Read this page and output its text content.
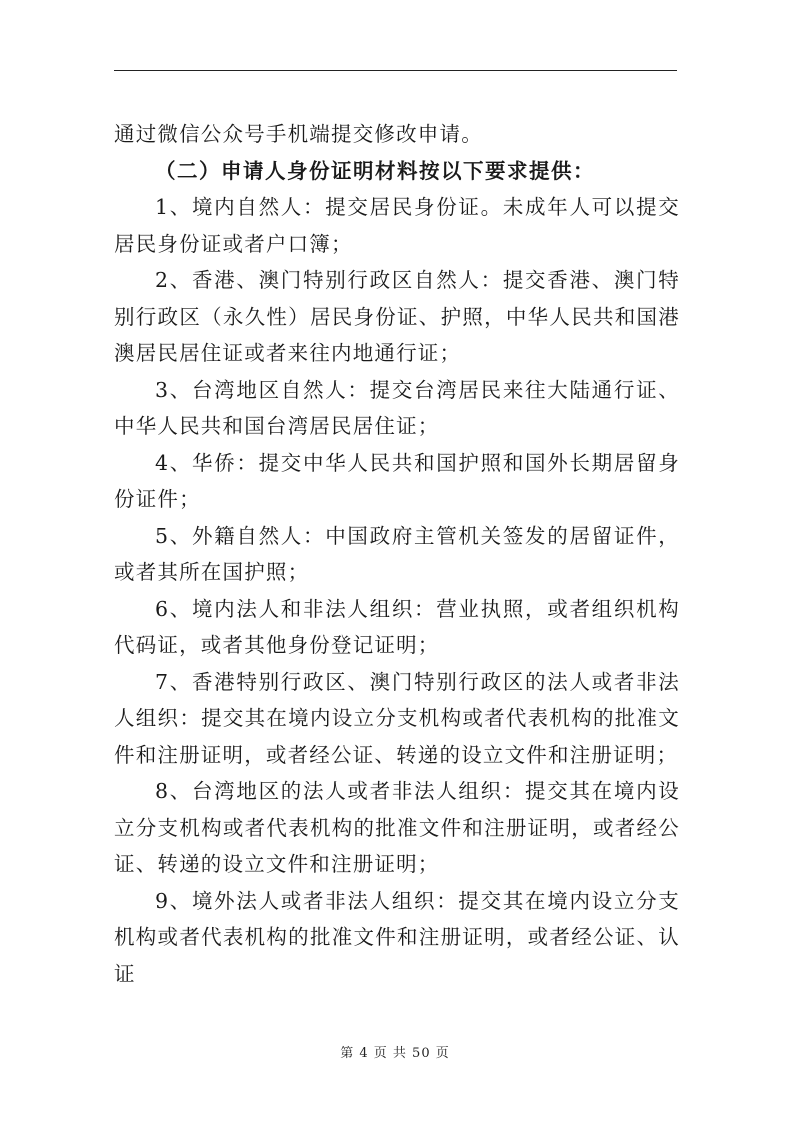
通过微信公众号手机端提交修改申请。

（二）申请人身份证明材料按以下要求提供：

1、境内自然人：提交居民身份证。未成年人可以提交居民身份证或者户口簿；

2、香港、澳门特别行政区自然人：提交香港、澳门特别行政区（永久性）居民身份证、护照，中华人民共和国港澳居民居住证或者来往内地通行证；

3、台湾地区自然人：提交台湾居民来往大陆通行证、中华人民共和国台湾居民居住证；

4、华侨：提交中华人民共和国护照和国外长期居留身份证件；

5、外籍自然人：中国政府主管机关签发的居留证件，或者其所在国护照；

6、境内法人和非法人组织：营业执照，或者组织机构代码证，或者其他身份登记证明；

7、香港特别行政区、澳门特别行政区的法人或者非法人组织：提交其在境内设立分支机构或者代表机构的批准文件和注册证明，或者经公证、转递的设立文件和注册证明；

8、台湾地区的法人或者非法人组织：提交其在境内设立分支机构或者代表机构的批准文件和注册证明，或者经公证、转递的设立文件和注册证明；

9、境外法人或者非法人组织：提交其在境内设立分支机构或者代表机构的批准文件和注册证明，或者经公证、认证

第 4 页 共 50 页
